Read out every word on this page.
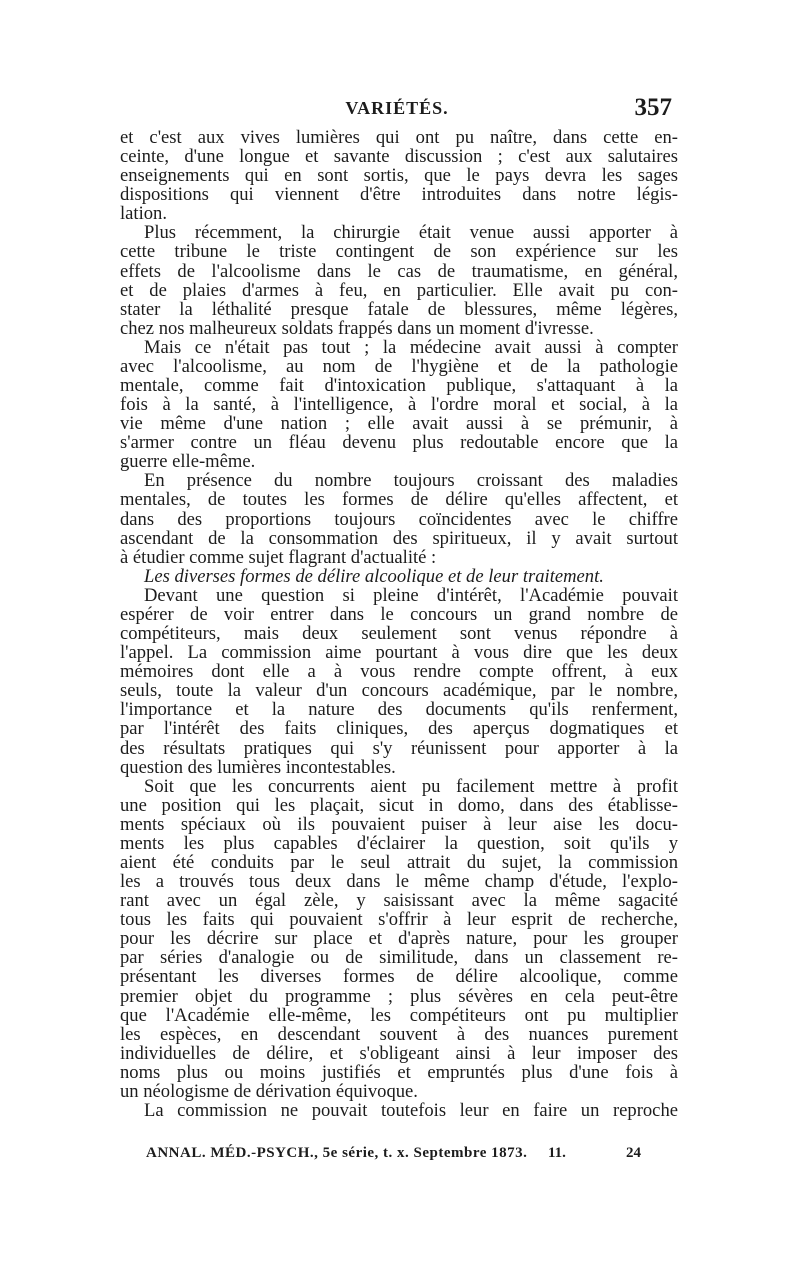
VARIÉTÉS.	357
et c'est aux vives lumières qui ont pu naître, dans cette en-
ceinte, d'une longue et savante discussion ; c'est aux salutaires
enseignements qui en sont sortis, que le pays devra les sages
dispositions qui viennent d'être introduites dans notre légis-
lation.
Plus récemment, la chirurgie était venue aussi apporter à
cette tribune le triste contingent de son expérience sur les
effets de l'alcoolisme dans le cas de traumatisme, en général,
et de plaies d'armes à feu, en particulier. Elle avait pu con-
stater la léthalité presque fatale de blessures, même légères,
chez nos malheureux soldats frappés dans un moment d'ivresse.
Mais ce n'était pas tout ; la médecine avait aussi à compter
avec l'alcoolisme, au nom de l'hygiène et de la pathologie
mentale, comme fait d'intoxication publique, s'attaquant à la
fois à la santé, à l'intelligence, à l'ordre moral et social, à la
vie même d'une nation ; elle avait aussi à se prémunir, à
s'armer contre un fléau devenu plus redoutable encore que la
guerre elle-même.
En présence du nombre toujours croissant des maladies
mentales, de toutes les formes de délire qu'elles affectent, et
dans des proportions toujours coïncidentes avec le chiffre
ascendant de la consommation des spiritueux, il y avait surtout
à étudier comme sujet flagrant d'actualité :
Les diverses formes de délire alcoolique et de leur traitement.
Devant une question si pleine d'intérêt, l'Académie pouvait
espérer de voir entrer dans le concours un grand nombre de
compétiteurs, mais deux seulement sont venus répondre à
l'appel. La commission aime pourtant à vous dire que les deux
mémoires dont elle a à vous rendre compte offrent, à eux
seuls, toute la valeur d'un concours académique, par le nombre,
l'importance et la nature des documents qu'ils renferment,
par l'intérêt des faits cliniques, des aperçus dogmatiques et
des résultats pratiques qui s'y réunissent pour apporter à la
question des lumières incontestables.
Soit que les concurrents aient pu facilement mettre à profit
une position qui les plaçait, sicut in domo, dans des établisse-
ments spéciaux où ils pouvaient puiser à leur aise les docu-
ments les plus capables d'éclairer la question, soit qu'ils y
aient été conduits par le seul attrait du sujet, la commission
les a trouvés tous deux dans le même champ d'étude, l'explo-
rant avec un égal zèle, y saisissant avec la même sagacité
tous les faits qui pouvaient s'offrir à leur esprit de recherche,
pour les décrire sur place et d'après nature, pour les grouper
par séries d'analogie ou de similitude, dans un classement re-
présentant les diverses formes de délire alcoolique, comme
premier objet du programme ; plus sévères en cela peut-être
que l'Académie elle-même, les compétiteurs ont pu multiplier
les espèces, en descendant souvent à des nuances purement
individuelles de délire, et s'obligeant ainsi à leur imposer des
noms plus ou moins justifiés et empruntés plus d'une fois à
un néologisme de dérivation équivoque.
La commission ne pouvait toutefois leur en faire un reproche
ANNAL. MÉD.-PSYCH., 5e série, t. x. Septembre 1873. 11.	24
